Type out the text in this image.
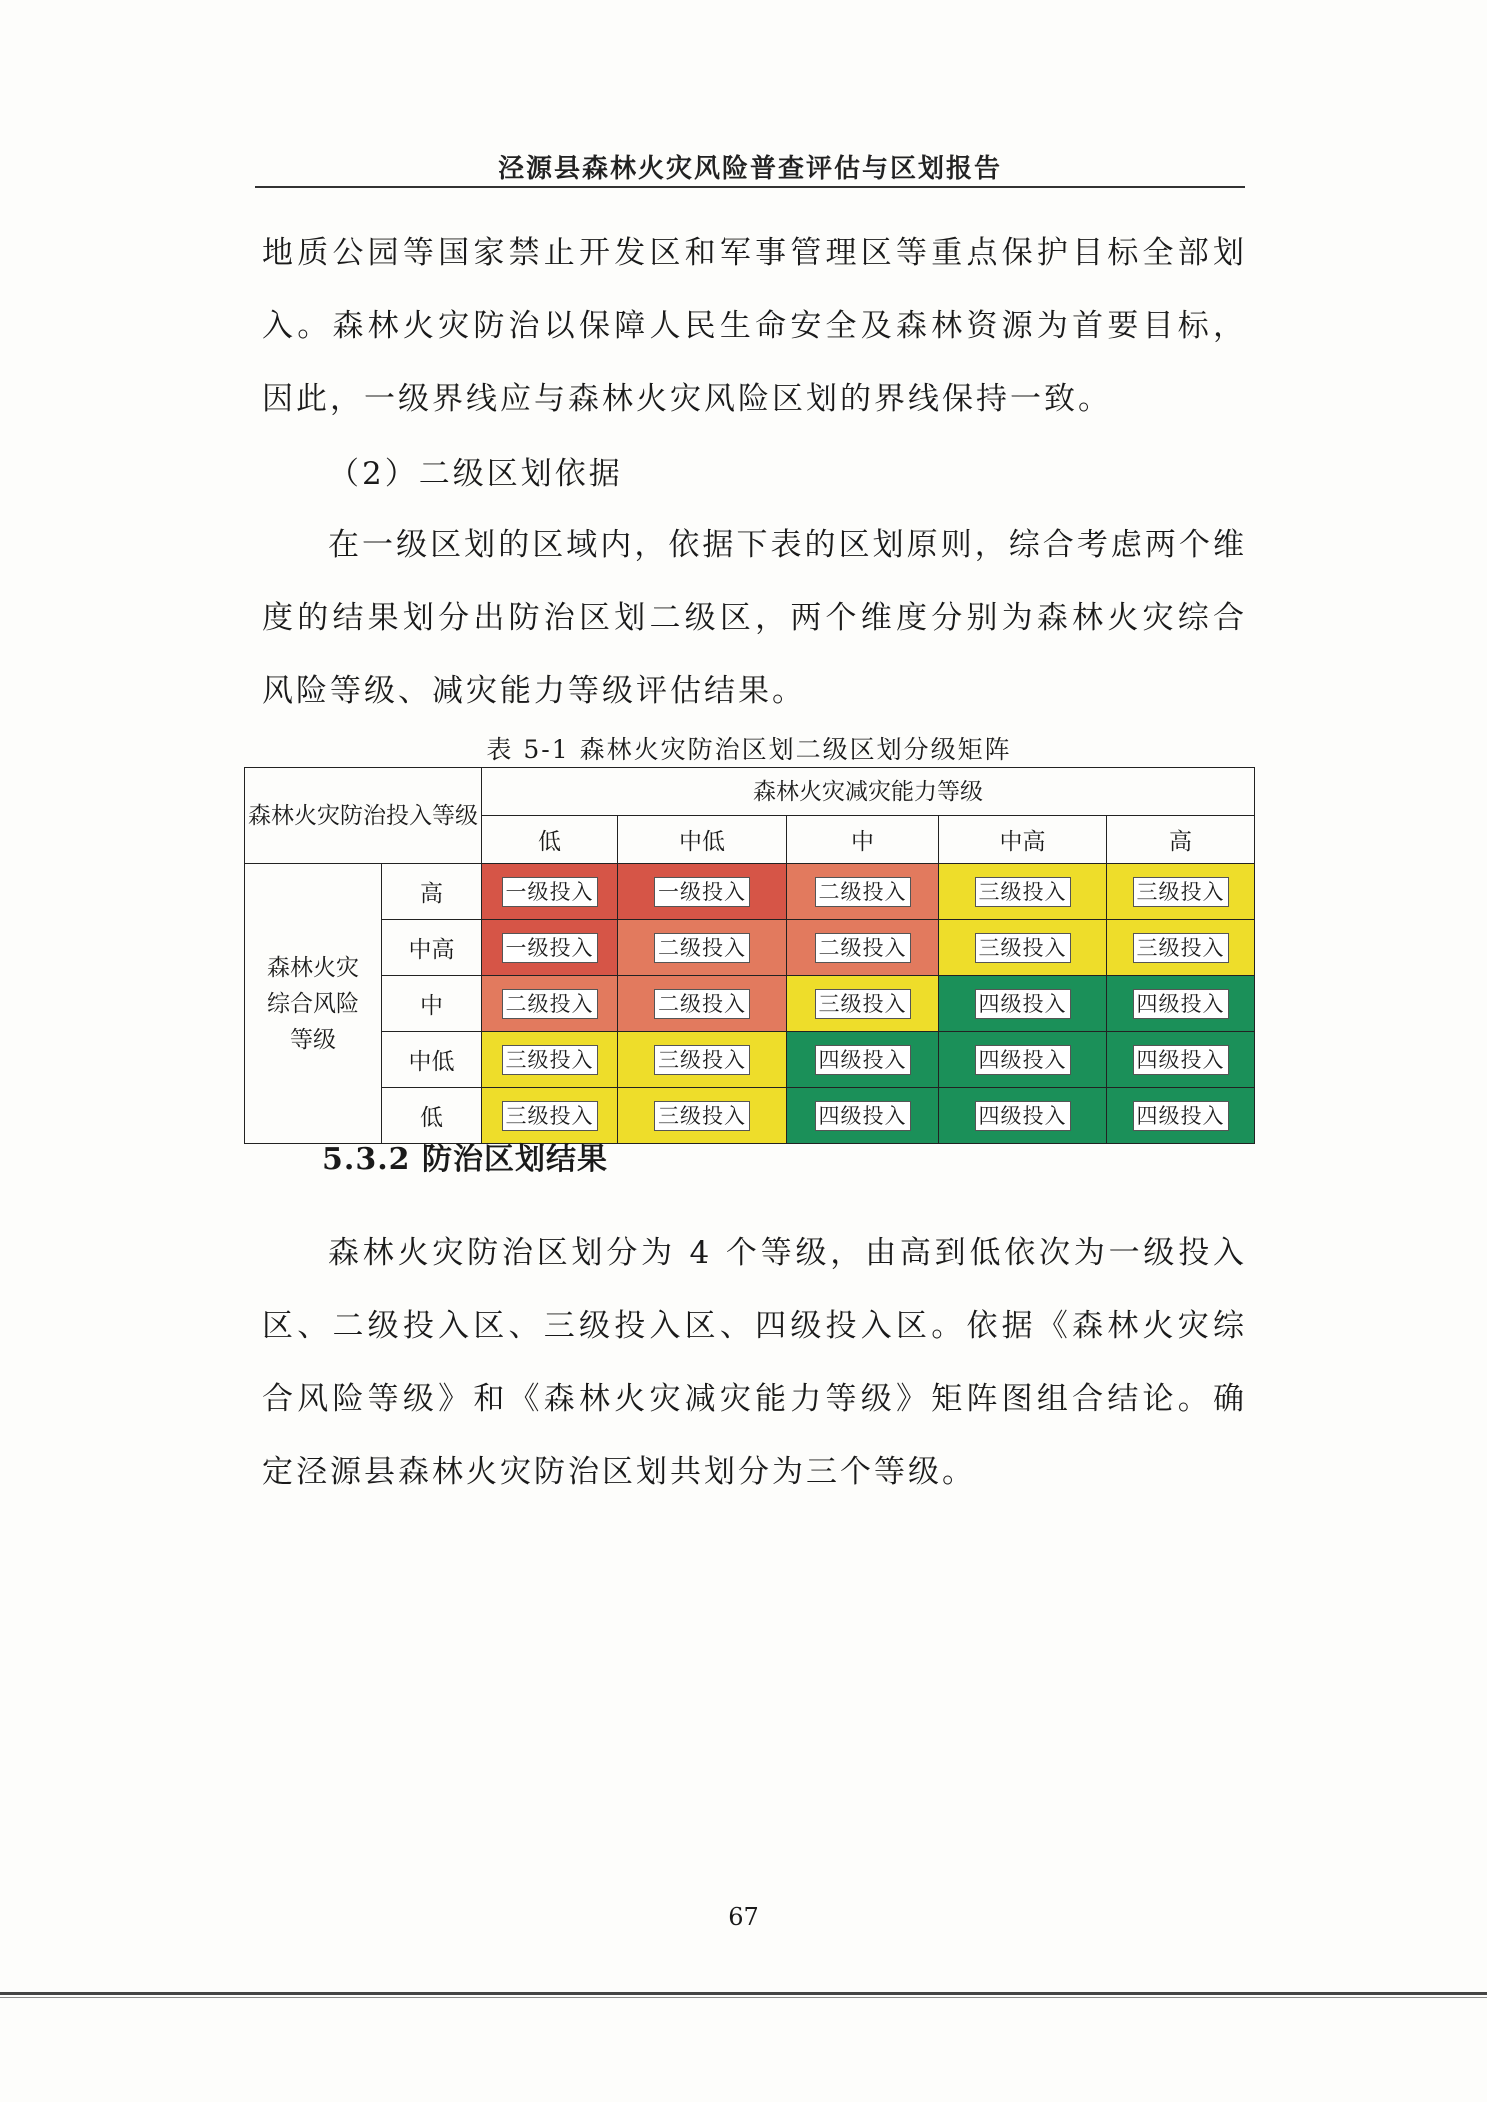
泾源县森林火灾风险普查评估与区划报告

地质公园等国家禁止开发区和军事管理区等重点保护目标全部划入。森林火灾防治以保障人民生命安全及森林资源为首要目标，因此，一级界线应与森林火灾风险区划的界线保持一致。

（2）二级区划依据

在一级区划的区域内，依据下表的区划原则，综合考虑两个维度的结果划分出防治区划二级区，两个维度分别为森林火灾综合风险等级、减灾能力等级评估结果。

表 5-1 森林火灾防治区划二级区划分级矩阵

森林火灾防治投入等级		森林火灾减灾能力等级				
		低	中低	中	中高	高
森林火灾综合风险等级	高	一级投入	一级投入	二级投入	三级投入	三级投入
	中高	一级投入	二级投入	二级投入	三级投入	三级投入
	中	二级投入	二级投入	三级投入	四级投入	四级投入
	中低	三级投入	三级投入	四级投入	四级投入	四级投入
	低	三级投入	三级投入	四级投入	四级投入	四级投入

5.3.2 防治区划结果

森林火灾防治区划分为 4 个等级，由高到低依次为一级投入区、二级投入区、三级投入区、四级投入区。依据《森林火灾综合风险等级》和《森林火灾减灾能力等级》矩阵图组合结论。确定泾源县森林火灾防治区划共划分为三个等级。

67
